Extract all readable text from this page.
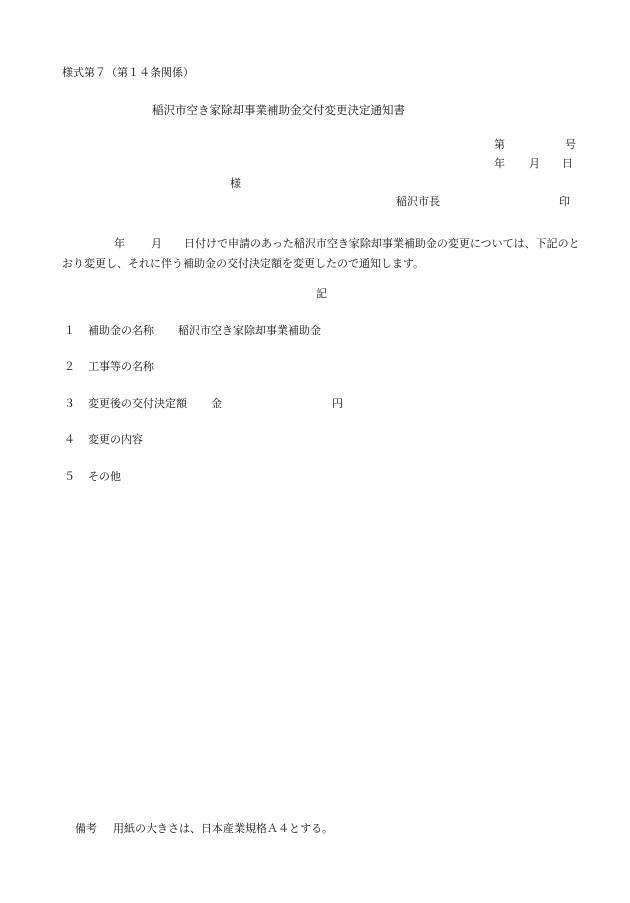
様式第７（第１４条関係）
稲沢市空き家除却事業補助金交付変更決定通知書
第	号
年 月 日
様
稲沢市長	印
年 月 日付けで申請のあった稲沢市空き家除却事業補助金の変更については、下記のとおり変更し、それに伴う補助金の交付決定額を変更したので通知します。
記
１ 補助金の名称 稲沢市空き家除却事業補助金
２ 工事等の名称
３ 変更後の交付決定額 金	円
４ 変更の内容
５ その他
備考 用紙の大きさは、日本産業規格Ａ４とする。
